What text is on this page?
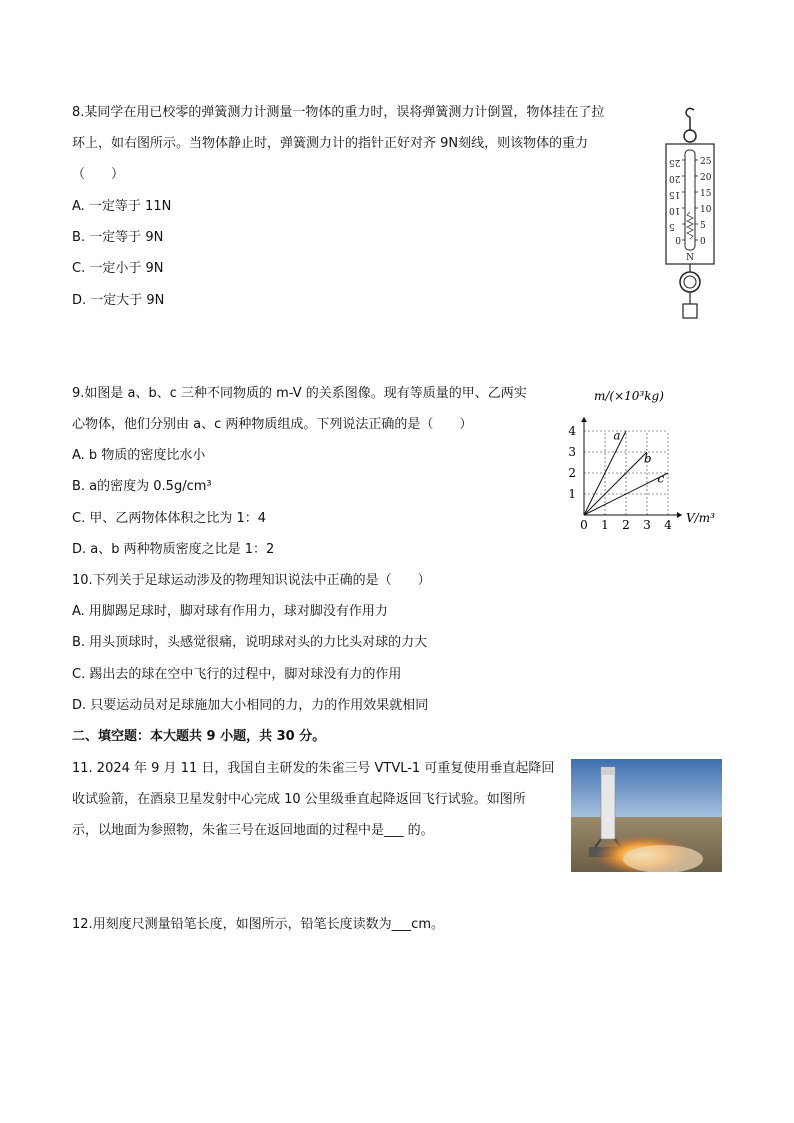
8.某同学在用已校零的弹簧测力计测量一物体的重力时，误将弹簧测力计倒置，物体挂在了拉
环上，如右图所示。当物体静止时，弹簧测力计的指针正好对齐 9N刻线，则该物体的重力
（　　）
A. 一定等于 11N
B. 一定等于 9N
C. 一定小于 9N
D. 一定大于 9N
25
20
15
10
5
0
25
20
15
10
5
0
N
9.如图是 a、b、c 三种不同物质的 m-V 的关系图像。现有等质量的甲、乙两实
心物体，他们分别由 a、c 两种物质组成。下列说法正确的是（　　）
A. b 物质的密度比水小
B. a的密度为 0.5g/cm³
C. 甲、乙两物体体积之比为 1：4
D. a、b 两种物质密度之比是 1：2
a
b
c
0 1 2 3 4
1
2
3
4
m/(×10³kg)
V/m³
10.下列关于足球运动涉及的物理知识说法中正确的是（　　）
A. 用脚踢足球时，脚对球有作用力，球对脚没有作用力
B. 用头顶球时，头感觉很痛，说明球对头的力比头对球的力大
C. 踢出去的球在空中飞行的过程中，脚对球没有力的作用
D. 只要运动员对足球施加大小相同的力，力的作用效果就相同
二、填空题：本大题共 9 小题，共 30 分。
11. 2024 年 9 月 11 日，我国自主研发的朱雀三号 VTVL-1 可重复使用垂直起降回
收试验箭，在酒泉卫星发射中心完成 10 公里级垂直起降返回飞行试验。如图所
示，以地面为参照物，朱雀三号在返回地面的过程中是___ 的。
12.用刻度尺测量铅笔长度，如图所示，铅笔长度读数为___cm。
